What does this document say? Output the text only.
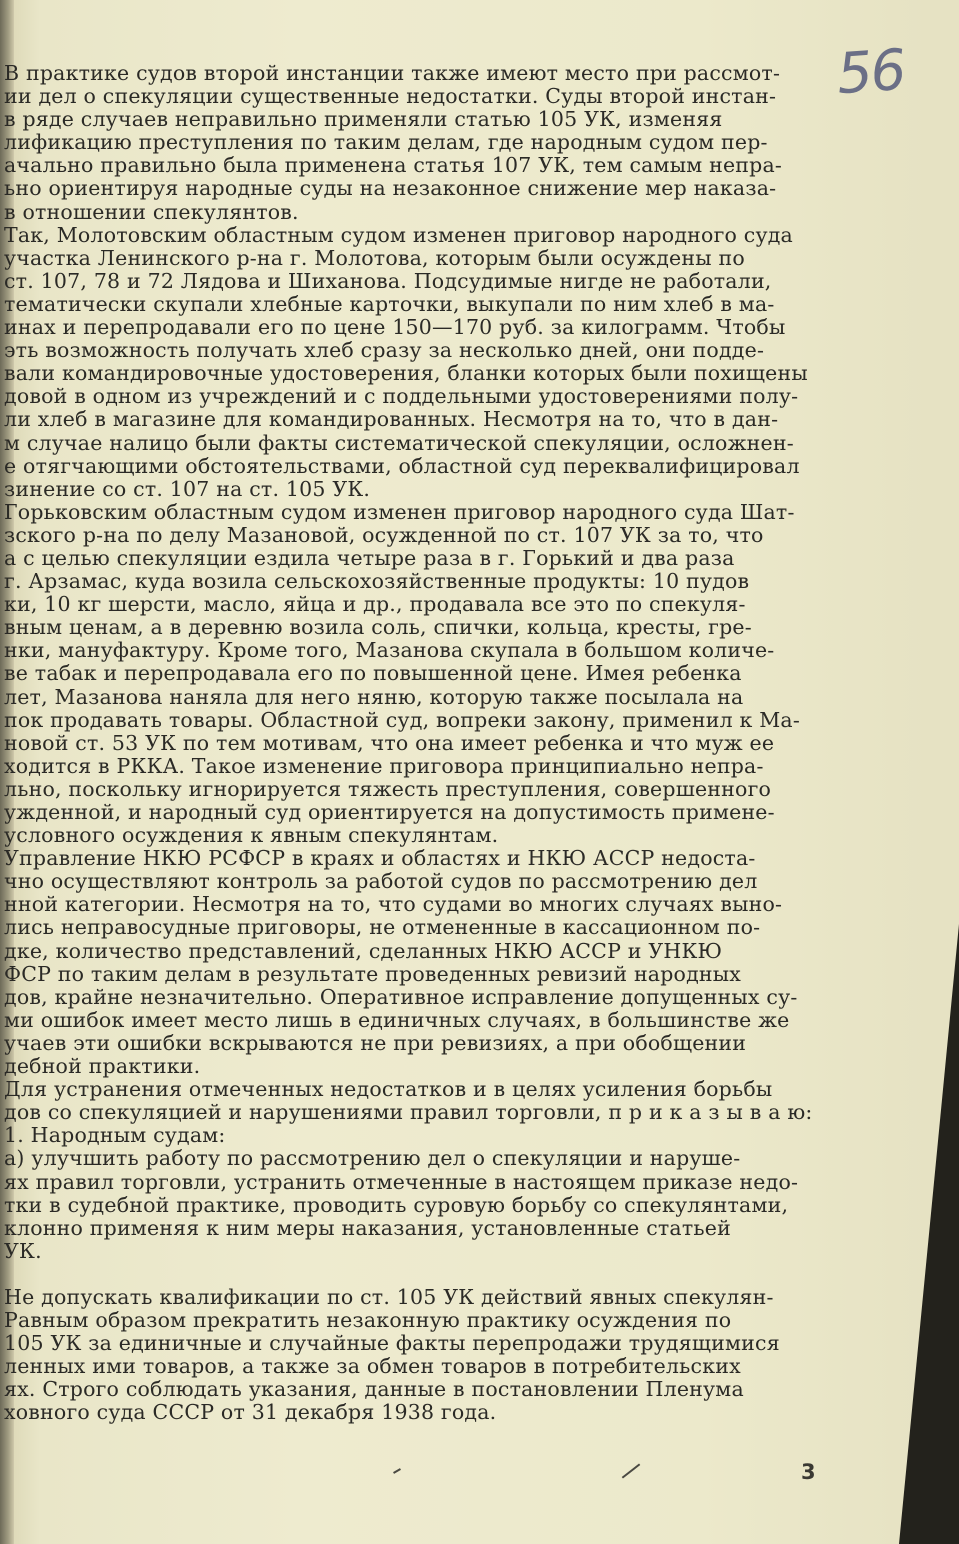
56

В практике судов второй инстанции также имеют место при рассмот-
ии дел о спекуляции существенные недостатки. Суды второй инстан-
в ряде случаев неправильно применяли статью 105 УК, изменяя
лификацию преступления по таким делам, где народным судом пер-
ачально правильно была применена статья 107 УК, тем самым непра-
ьно ориентируя народные суды на незаконное снижение мер наказа-
в отношении спекулянтов.

Так, Молотовским областным судом изменен приговор народного суда
участка Ленинского р-на г. Молотова, которым были осуждены по
ст. 107, 78 и 72 Лядова и Шиханова. Подсудимые нигде не работали,
тематически скупали хлебные карточки, выкупали по ним хлеб в ма-
инах и перепродавали его по цене 150—170 руб. за килограмм. Чтобы
эть возможность получать хлеб сразу за несколько дней, они подде-
вали командировочные удостоверения, бланки которых были похищены
довой в одном из учреждений и с поддельными удостоверениями полу-
ли хлеб в магазине для командированных. Несмотря на то, что в дан-
м случае налицо были факты систематической спекуляции, осложнен-
е отягчающими обстоятельствами, областной суд переквалифицировал
зинение со ст. 107 на ст. 105 УК.

Горьковским областным судом изменен приговор народного суда Шат-
зского р-на по делу Мазановой, осужденной по ст. 107 УК за то, что
а с целью спекуляции ездила четыре раза в г. Горький и два раза
г. Арзамас, куда возила сельскохозяйственные продукты: 10 пудов
ки, 10 кг шерсти, масло, яйца и др., продавала все это по спекуля-
вным ценам, а в деревню возила соль, спички, кольца, кресты, гре-
нки, мануфактуру. Кроме того, Мазанова скупала в большом количе-
ве табак и перепродавала его по повышенной цене. Имея ребенка
лет, Мазанова наняла для него няню, которую также посылала на
пок продавать товары. Областной суд, вопреки закону, применил к Ма-
новой ст. 53 УК по тем мотивам, что она имеет ребенка и что муж ее
ходится в РККА. Такое изменение приговора принципиально непра-
льно, поскольку игнорируется тяжесть преступления, совершенного
ужденной, и народный суд ориентируется на допустимость примене-
условного осуждения к явным спекулянтам.

Управление НКЮ РСФСР в краях и областях и НКЮ АССР недоста-
чно осуществляют контроль за работой судов по рассмотрению дел
нной категории. Несмотря на то, что судами во многих случаях выно-
лись неправосудные приговоры, не отмененные в кассационном по-
дке, количество представлений, сделанных НКЮ АССР и УНКЮ
ФСР по таким делам в результате проведенных ревизий народных
дов, крайне незначительно. Оперативное исправление допущенных су-
ми ошибок имеет место лишь в единичных случаях, в большинстве же
учаев эти ошибки вскрываются не при ревизиях, а при обобщении
дебной практики.

Для устранения отмеченных недостатков и в целях усиления борьбы
дов со спекуляцией и нарушениями правил торговли, п р и к а з ы в а ю:
1. Народным судам:
а) улучшить работу по рассмотрению дел о спекуляции и наруше-
ях правил торговли, устранить отмеченные в настоящем приказе недо-
тки в судебной практике, проводить суровую борьбу со спекулянтами,
клонно применяя к ним меры наказания, установленные статьей
УК.

Не допускать квалификации по ст. 105 УК действий явных спекулян-
Равным образом прекратить незаконную практику осуждения по
105 УК за единичные и случайные факты перепродажи трудящимися
ленных ими товаров, а также за обмен товаров в потребительских
ях. Строго соблюдать указания, данные в постановлении Пленума
ховного суда СССР от 31 декабря 1938 года.

3
